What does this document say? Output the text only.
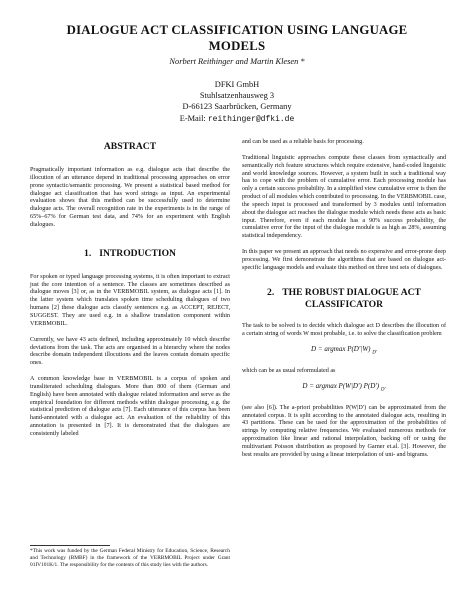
DIALOGUE ACT CLASSIFICATION USING LANGUAGE
MODELS
Norbert Reithinger and Martin Klesen *
DFKI GmbH
Stuhlsatzenhausweg 3
D-66123 Saarbrücken, Germany
E-Mail: reithinger@dfki.de
ABSTRACT

Pragmatically important information as e.g. dialogue acts that describe the illocution of an utterance depend in traditional processing approaches on error prone syntactic/semantic processing. We present a statistical based method for dialogue act classification that has word strings as input. An experimental evaluation shows that this method can be successfully used to determine dialogue acts. The overall recognition rate in the experiments is in the range of 65%–67% for German test data, and 74% for an experiment with English dialogues.

1. INTRODUCTION

For spoken or typed language processing systems, it is often important to extract just the core intention of a sentence. The classes are sometimes described as dialogue moves [3] or, as in the VERBMOBIL system, as dialogue acts [1]. In the latter system which translates spoken time scheduling dialogues of two humans [2] these dialogue acts classify sentences e.g. as ACCEPT, REJECT, SUGGEST. They are used e.g. in a shallow translation component within VERBMOBIL.

Currently, we have 43 acts defined, including approximately 10 which describe deviations from the task. The acts are organised in a hierarchy where the nodes describe domain independent illocutions and the leaves contain domain specific ones.

A common knowledge base in VERBMOBIL is a corpus of spoken and transliterated scheduling dialogues. More than 800 of them (German and English) have been annotated with dialogue related information and serve as the empirical foundation for different methods within dialogue processing, e.g. the statistical prediction of dialogue acts [7]. Each utterance of this corpus has been hand-annotated with a dialogue act. An evaluation of the reliability of this annotation is presented in [7]. It is demonstrated that the dialogues are consistently labeled

*This work was funded by the German Federal Ministry for Education, Science, Research and Technology (BMBF) in the framework of the VERBMOBIL Project under Grant 01IV101K/1. The responsibility for the contents of this study lies with the authors.

and can be used as a reliable basis for processing.

Traditional linguistic approaches compute these classes from syntactically and semantically rich feature structures which require extensive, hand-coded linguistic and world knowledge sources. However, a system built in such a traditional way has to cope with the problem of cumulative error. Each processing module has only a certain success probability. In a simplified view cumulative error is then the product of all modules which contributed to processing. In the VERBMOBIL case, the speech input is processed and transformed by 3 modules until information about the dialogue act reaches the dialogue module which needs these acts as basic input. Therefore, even if each module has a 90% success probability, the cumulative error for the input of the dialogue module is as high as 28%, assuming statistical independency.

In this paper we present an approach that needs no expensive and error-prone deep processing. We first demonstrate the algorithms that are based on dialogue act-specific language models and evaluate this method on three test sets of dialogues.

2. THE ROBUST DIALOGUE ACT
CLASSIFICATOR

The task to be solved is to decide which dialogue act D describes the illocution of a certain string of words W most probable, i.e. to solve the classification problem

D = argmax P(D′|W) $_{D'}$

which can be as usual reformulated as

D = argmax P(W|D′) P(D′) $_{D'}$

(see also [6]). The a-priori probabilities P(W|D′) can be approximated from the annotated corpus. It is split according to the annotated dialogue acts, resulting in 43 partitions. These can be used for the approximation of the probabilities of strings by computing relative frequencies. We evaluated numerous methods for approximation like linear and rational interpolation, backing off or using the multivariant Poisson distribution as proposed by Garner et.al. [3]. However, the best results are provided by using a linear interpolation of uni- and bigrams.
